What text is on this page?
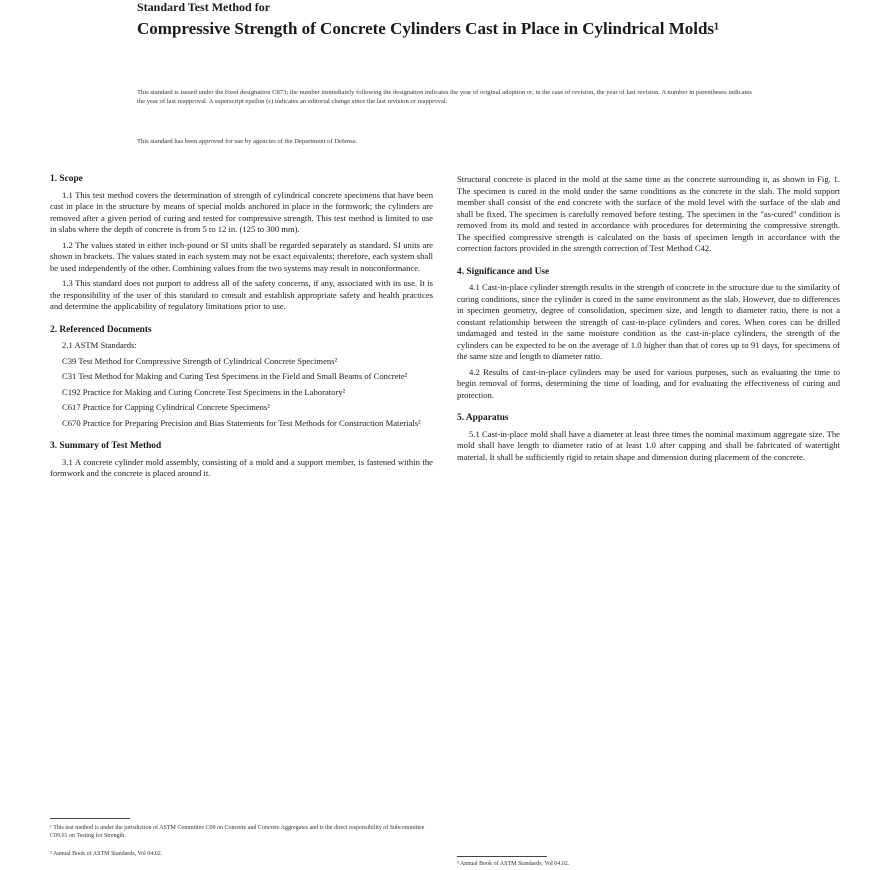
Standard Test Method for
Compressive Strength of Concrete Cylinders Cast in Place in Cylindrical Molds¹
This standard is issued under the fixed designation C873; the number immediately following the designation indicates the year of original adoption or, in the case of revision, the year of last revision. A number in parentheses indicates the year of last reapproval. A superscript epsilon (ε) indicates an editorial change since the last revision or reapproval.
This standard has been approved for use by agencies of the Department of Defense.
1. Scope
1.1 This test method covers the determination of strength of cylindrical concrete specimens that have been cast in place in the structure by means of special molds anchored in place in the formwork; the cylinders are removed after a given period of curing and tested for compressive strength. This test method is limited to use in slabs where the depth of concrete is from 5 to 12 in. (125 to 300 mm).
1.2 The values stated in either inch-pound or SI units shall be regarded separately as standard. SI units are shown in brackets. The values stated in each system may not be exact equivalents; therefore, each system shall be used independently of the other. Combining values from the two systems may result in nonconformance.
1.3 This standard does not purport to address all of the safety concerns, if any, associated with its use. It is the responsibility of the user of this standard to consult and establish appropriate safety and health practices and determine the applicability of regulatory limitations prior to use.
2. Referenced Documents
2.1 ASTM Standards:
C39 Test Method for Compressive Strength of Cylindrical Concrete Specimens²
C31 Test Method for Making and Curing Test Specimens in the Field and Small Beams of Concrete²
C192 Practice for Making and Curing Concrete Test Specimens in the Laboratory²
C617 Practice for Capping Cylindrical Concrete Specimens²
C670 Practice for Preparing Precision and Bias Statements for Test Methods for Construction Materials²
3. Summary of Test Method
3.1 A concrete cylinder mold assembly, consisting of a mold and a support member, is fastened within the formwork and the concrete is placed around it.
¹ This test method is under the jurisdiction of ASTM Committee C09 on Concrete and Concrete Aggregates and is the direct responsibility of Subcommittee C09.61 on Testing for Strength.
² Annual Book of ASTM Standards, Vol 04.02.
Structural concrete is placed in the mold at the same time as the concrete surrounding it, as shown in Fig. 1. The specimen is cured in the mold under the same conditions as the concrete in the slab. The mold support member shall consist of the end concrete with the surface of the mold level with the surface of the slab and shall be fixed. The specimen is carefully removed before testing. The specimen in the "as-cured" condition is removed from its mold and tested in accordance with procedures for determining the compressive strength. The specified compressive strength is calculated on the basis of specimen length in accordance with the correction factors provided in the strength correction of Test Method C42.
4. Significance and Use
4.1 Cast-in-place cylinder strength results in the strength of concrete in the structure due to the similarity of curing conditions, since the cylinder is cured in the same environment as the slab. However, due to differences in specimen geometry, degree of consolidation, specimen size, and length to diameter ratio, there is not a constant relationship between the strength of cast-in-place cylinders and cores. When cores can be drilled undamaged and tested in the same moisture condition as the cast-in-place cylinders, the strength of the cylinders can be expected to be on the average of 1.0 higher than that of cores up to 91 days, for specimens of the same size and length to diameter ratio.
4.2 Results of cast-in-place cylinders may be used for various purposes, such as evaluating the time to begin removal of forms, determining the time of loading, and for evaluating the effectiveness of curing and protection.
5. Apparatus
5.1 Cast-in-place mold shall have a diameter at least three times the nominal maximum aggregate size. The mold shall have length to diameter ratio of at least 1.0 after capping and shall be fabricated of watertight material. It shall be sufficiently rigid to retain shape and dimension during placement of the concrete.
³ Annual Book of ASTM Standards, Vol 04.02.
